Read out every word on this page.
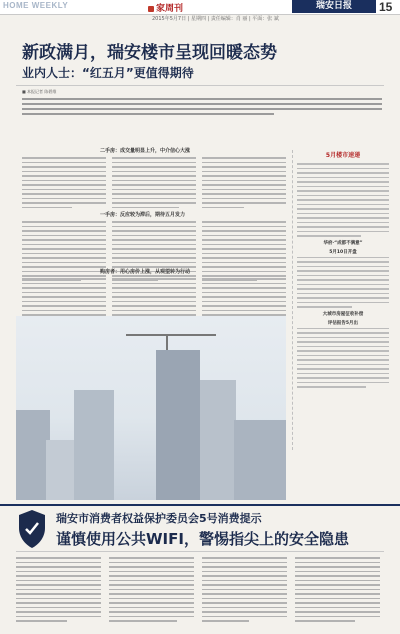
HOME WEEKLY	家周刊	瑞安日报	15
2015年5月7日 | 星期四 | 责任编辑：肖 丽 | 平面：张 斌
新政满月，瑞安楼市呈现回暖态势
业内人士：“红五月”更值得期待
■ 本报记者 陈碧维
二手房：成交量明显上升，中介信心大涨
一手房：反应较为滞后，期待五月发力
购房者：用心房价上涨，从观望转为行动
5月楼市速递
华府·“成都不满意”
5月10日开盘
大城市房屋征收补偿
评估报告5月出
瑞安市消费者权益保护委员会5号消费提示
谨慎使用公共WIFI，警惕指尖上的安全隐患
